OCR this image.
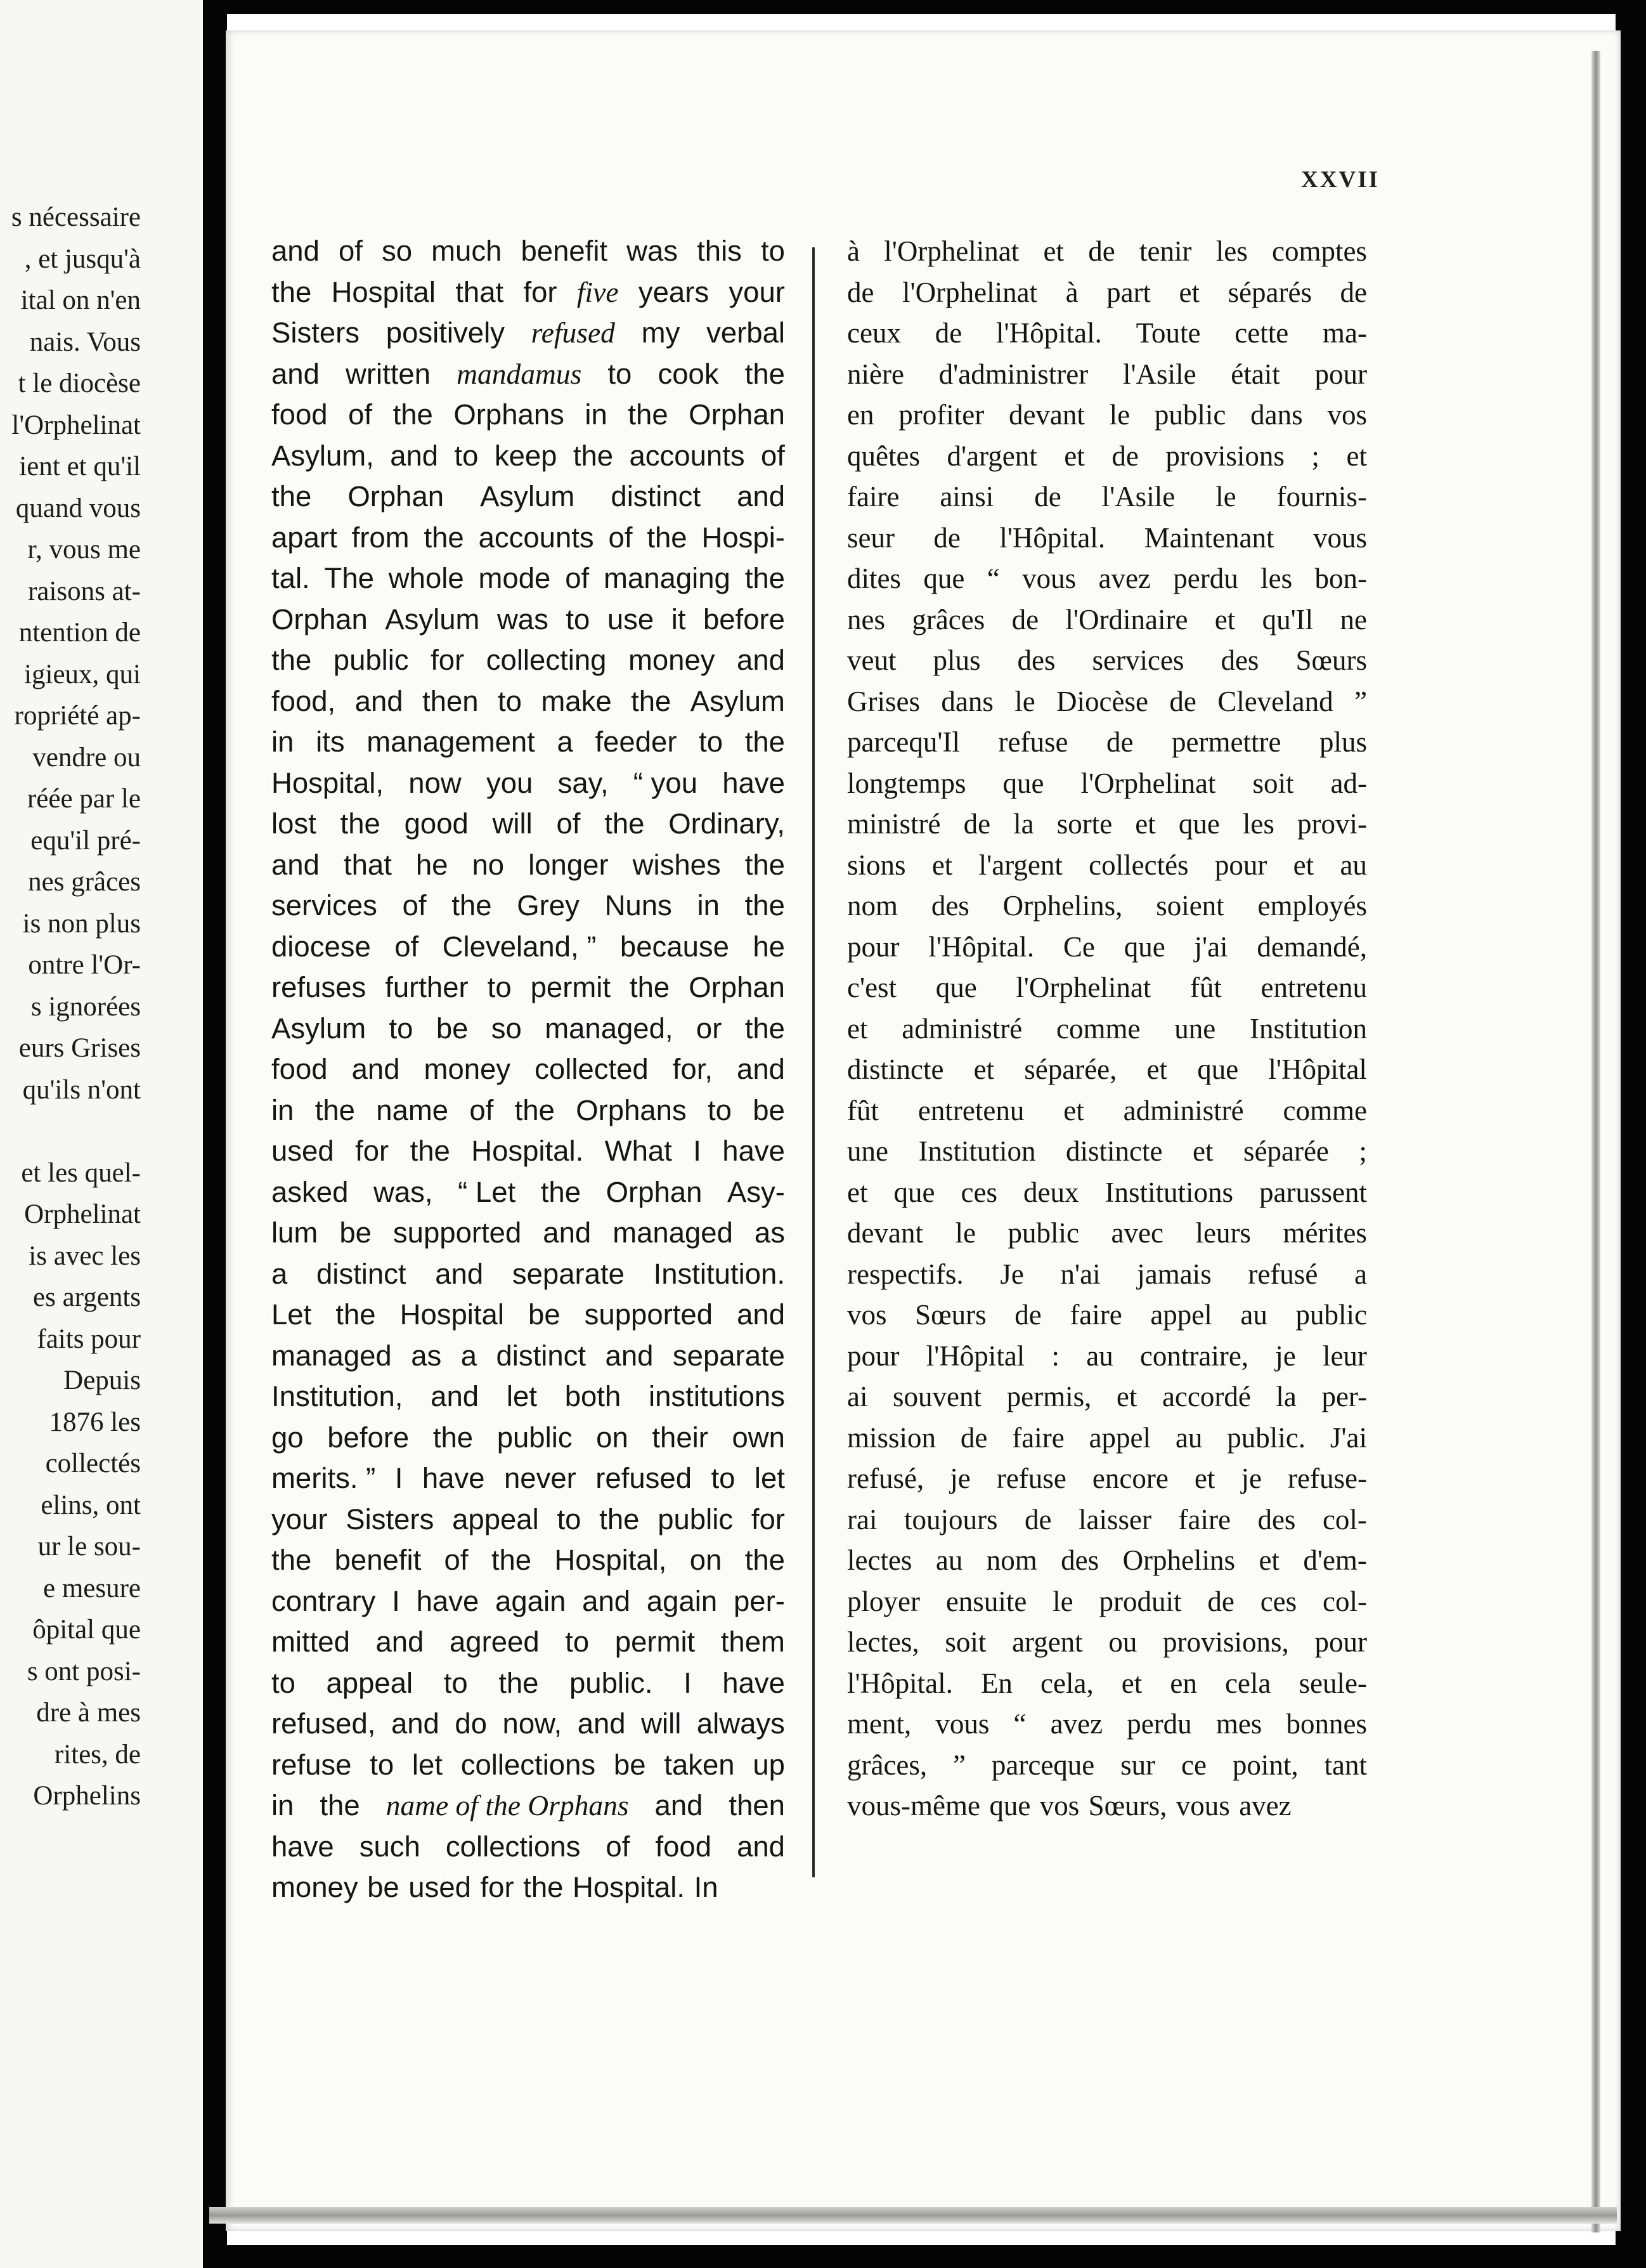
s nécessaire
, et jusqu'à
ital on n'en
nais. Vous
t le diocèse
l'Orphelinat
ient et qu'il
quand vous
r, vous me
raisons at-
ntention de
igieux, qui
ropriété ap-
vendre ou
réée par le
equ'il pré-
nes grâces
is non plus
ontre l'Or-
s ignorées
eurs Grises
qu'ils n'ont
et les quel-
Orphelinat
is avec les
es argents
faits pour
Depuis
1876 les
collectés
elins, ont
ur le sou-
e mesure
ôpital que
s ont posi-
dre à mes
rites, de
Orphelins
XXVII
and of so much benefit was this to
the Hospital that for five years your
Sisters positively refused my verbal
and written mandamus to cook the
food of the Orphans in the Orphan
Asylum, and to keep the accounts of
the Orphan Asylum distinct and
apart from the accounts of the Hospi-
tal. The whole mode of managing the
Orphan Asylum was to use it before
the public for collecting money and
food, and then to make the Asylum
in its management a feeder to the
Hospital, now you say, “ you have
lost the good will of the Ordinary,
and that he no longer wishes the
services of the Grey Nuns in the
diocese of Cleveland, ” because he
refuses further to permit the Orphan
Asylum to be so managed, or the
food and money collected for, and
in the name of the Orphans to be
used for the Hospital. What I have
asked was, “ Let the Orphan Asy-
lum be supported and managed as
a distinct and separate Institution.
Let the Hospital be supported and
managed as a distinct and separate
Institution, and let both institutions
go before the public on their own
merits. ” I have never refused to let
your Sisters appeal to the public for
the benefit of the Hospital, on the
contrary I have again and again per-
mitted and agreed to permit them
to appeal to the public. I have
refused, and do now, and will always
refuse to let collections be taken up
in the name of the Orphans and then
have such collections of food and
money be used for the Hospital. In
à l'Orphelinat et de tenir les comptes
de l'Orphelinat à part et séparés de
ceux de l'Hôpital. Toute cette ma-
nière d'administrer l'Asile était pour
en profiter devant le public dans vos
quêtes d'argent et de provisions ; et
faire ainsi de l'Asile le fournis-
seur de l'Hôpital. Maintenant vous
dites que “ vous avez perdu les bon-
nes grâces de l'Ordinaire et qu'Il ne
veut plus des services des Sœurs
Grises dans le Diocèse de Cleveland ”
parcequ'Il refuse de permettre plus
longtemps que l'Orphelinat soit ad-
ministré de la sorte et que les provi-
sions et l'argent collectés pour et au
nom des Orphelins, soient employés
pour l'Hôpital. Ce que j'ai demandé,
c'est que l'Orphelinat fût entretenu
et administré comme une Institution
distincte et séparée, et que l'Hôpital
fût entretenu et administré comme
une Institution distincte et séparée ;
et que ces deux Institutions parussent
devant le public avec leurs mérites
respectifs. Je n'ai jamais refusé a
vos Sœurs de faire appel au public
pour l'Hôpital : au contraire, je leur
ai souvent permis, et accordé la per-
mission de faire appel au public. J'ai
refusé, je refuse encore et je refuse-
rai toujours de laisser faire des col-
lectes au nom des Orphelins et d'em-
ployer ensuite le produit de ces col-
lectes, soit argent ou provisions, pour
l'Hôpital. En cela, et en cela seule-
ment, vous “ avez perdu mes bonnes
grâces, ” parceque sur ce point, tant
vous-même que vos Sœurs, vous avez
